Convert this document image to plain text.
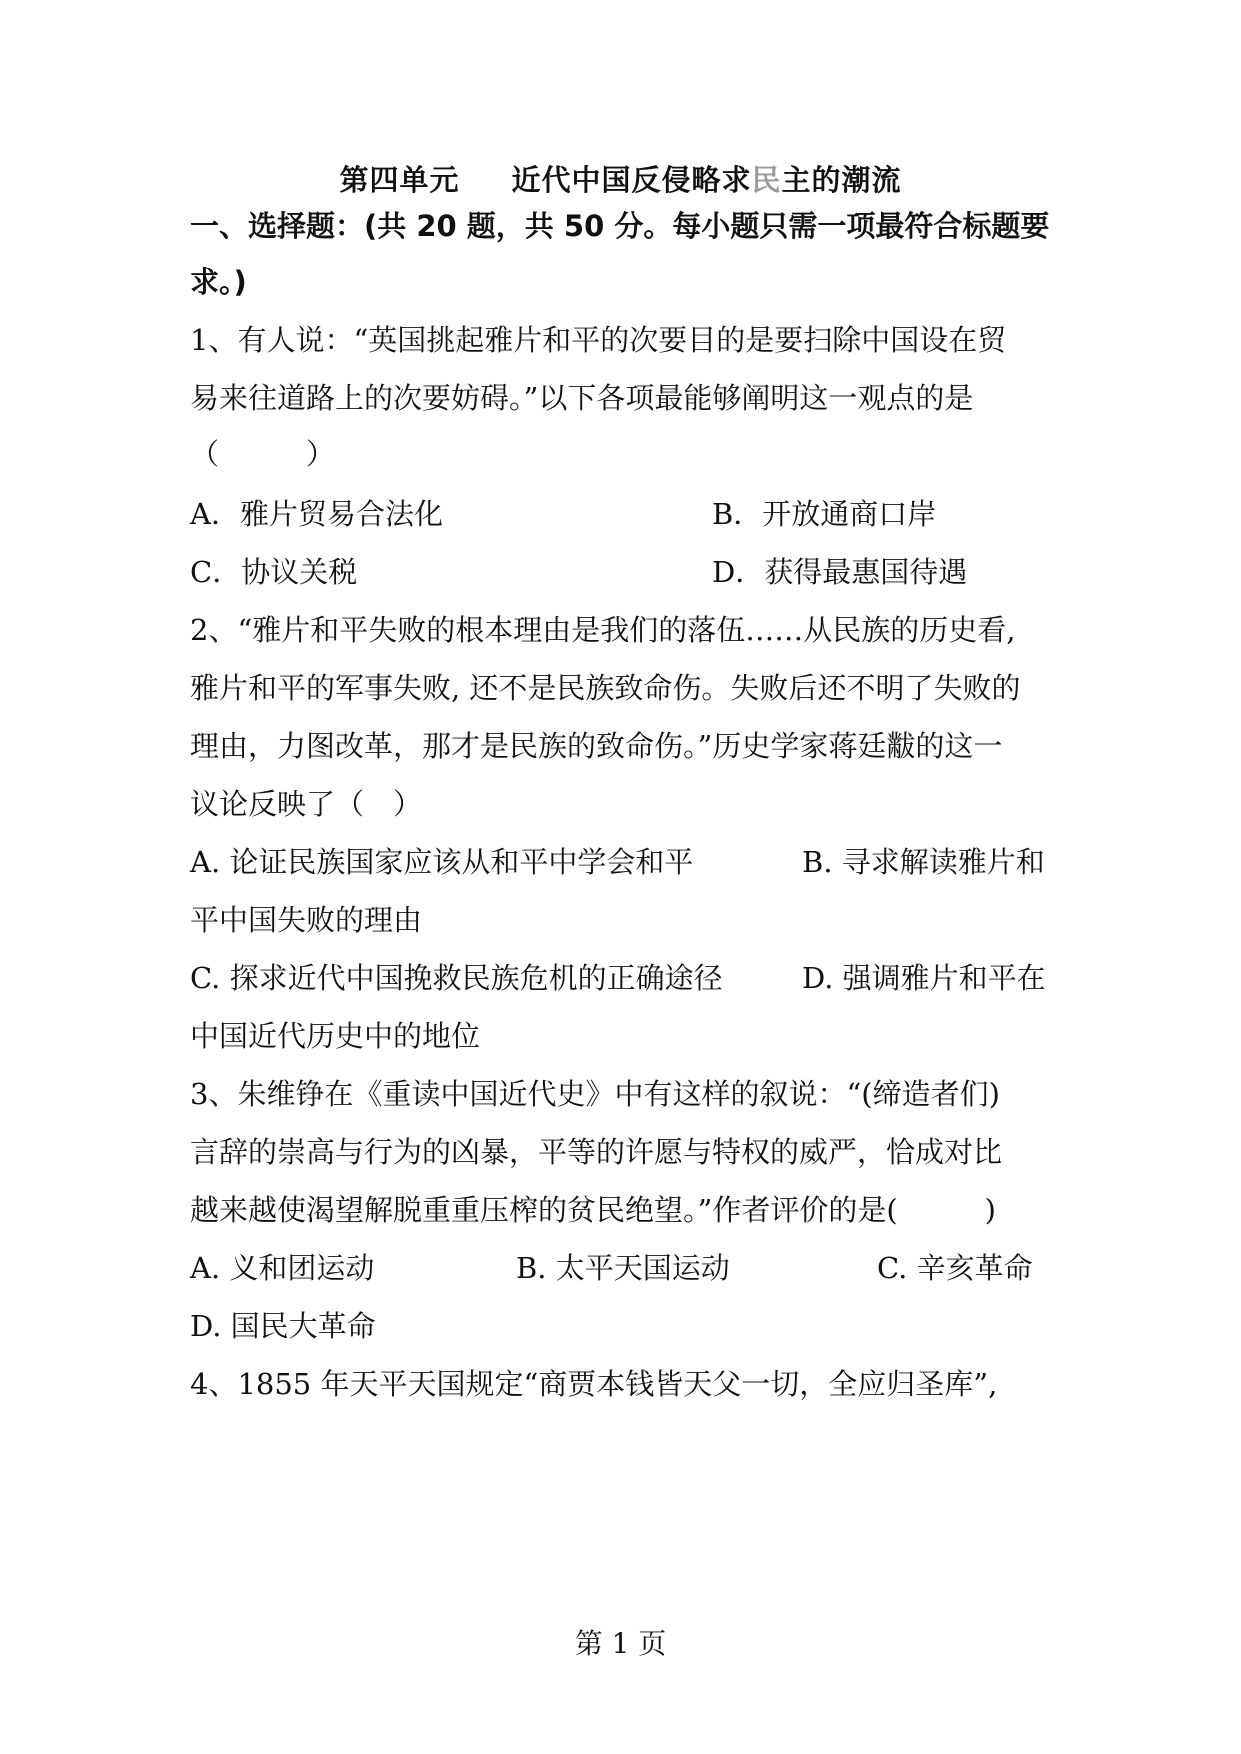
第四单元 近代中国反侵略求民主的潮流
一、选择题：(共 20 题，共 50 分。每小题只需一项最符合标题要
求。)
1、有人说：“英国挑起雅片和平的次要目的是要扫除中国设在贸
易来往道路上的次要妨碍。”以下各项最能够阐明这一观点的是
（　　　）
A．雅片贸易合法化	B．开放通商口岸
C．协议关税	D．获得最惠国待遇
2、“雅片和平失败的根本理由是我们的落伍……从民族的历史看,
雅片和平的军事失败, 还不是民族致命伤。失败后还不明了失败的
理由，力图改革，那才是民族的致命伤。”历史学家蒋廷黻的这一
议论反映了（　）
A. 论证民族国家应该从和平中学会和平	B. 寻求解读雅片和
平中国失败的理由
C. 探求近代中国挽救民族危机的正确途径	D. 强调雅片和平在
中国近代历史中的地位
3、朱维铮在《重读中国近代史》中有这样的叙说：“(缔造者们)
言辞的崇高与行为的凶暴，平等的许愿与特权的威严，恰成对比
越来越使渴望解脱重重压榨的贫民绝望。”作者评价的是(　　　)
A. 义和团运动	B. 太平天国运动	C. 辛亥革命
D. 国民大革命
4、1855 年天平天国规定“商贾本钱皆天父一切，全应归圣库”,
第 1 页
